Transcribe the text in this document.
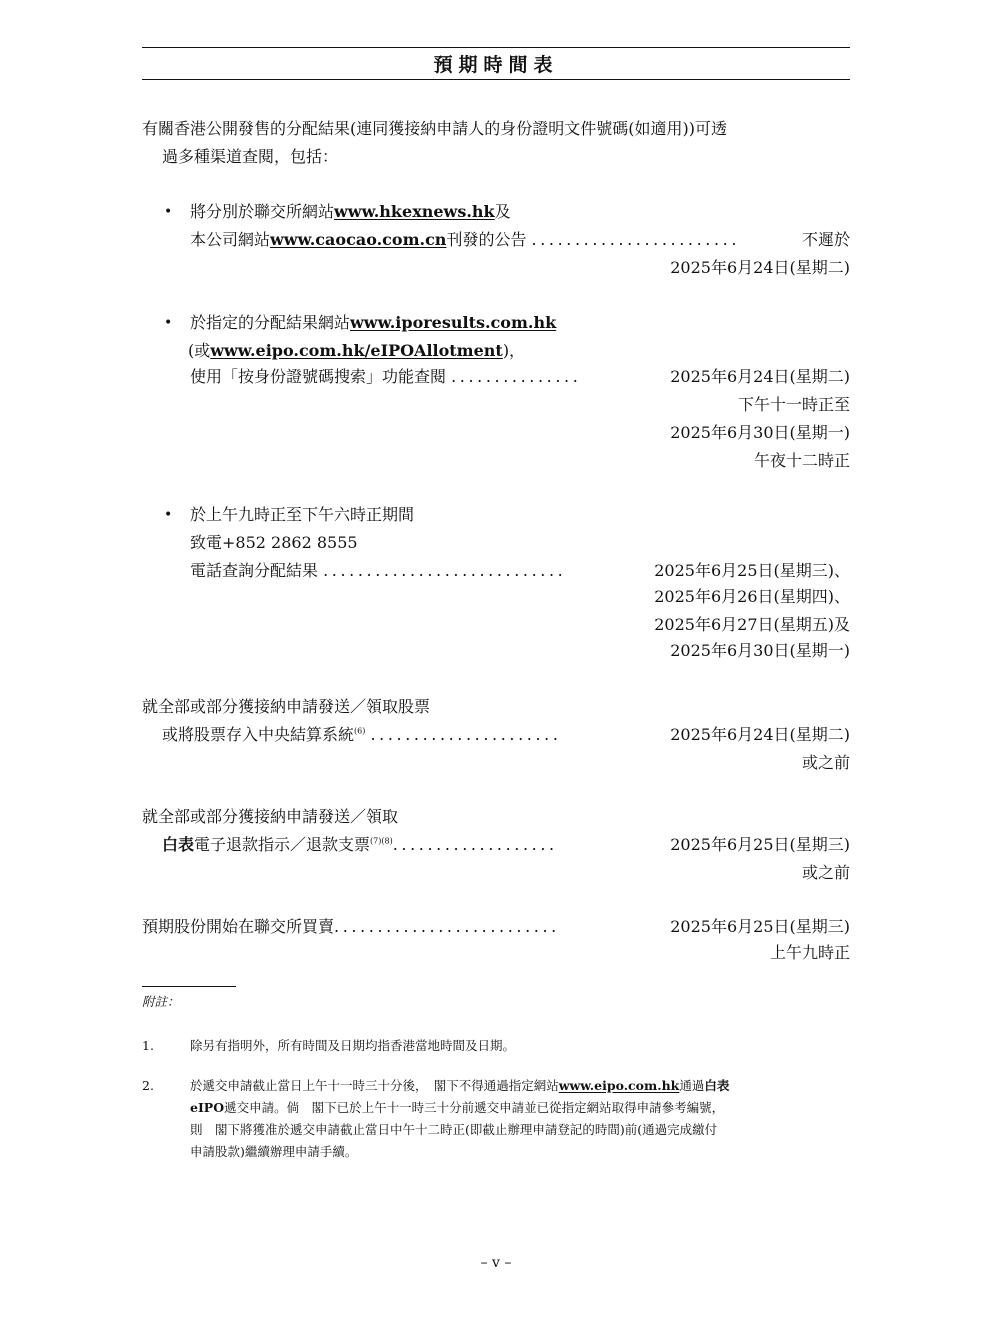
預期時間表
有關香港公開發售的分配結果(連同獲接納申請人的身份證明文件號碼(如適用))可透
過多種渠道查閱，包括：
• 將分別於聯交所網站www.hkexnews.hk及
本公司網站www.caocao.com.cn刊發的公告 ........................	不遲於
2025年6月24日(星期二)
• 於指定的分配結果網站www.iporesults.com.hk
(或www.eipo.com.hk/eIPOAllotment)，
使用「按身份證號碼搜索」功能查閱 ...............	2025年6月24日(星期二)
下午十一時正至
2025年6月30日(星期一)
午夜十二時正
• 於上午九時正至下午六時正期間
致電+852 2862 8555
電話查詢分配結果 ............................	2025年6月25日(星期三)、
2025年6月26日(星期四)、
2025年6月27日(星期五)及
2025年6月30日(星期一)
就全部或部分獲接納申請發送／領取股票
或將股票存入中央結算系統$^{(6)}$ ......................	2025年6月24日(星期二)
或之前
就全部或部分獲接納申請發送／領取
白表電子退款指示／退款支票$^{(7)(8)}$...................	2025年6月25日(星期三)
或之前
預期股份開始在聯交所買賣..........................	2025年6月25日(星期三)
上午九時正
附註：
1.	除另有指明外，所有時間及日期均指香港當地時間及日期。
2.	於遞交申請截止當日上午十一時三十分後，　閣下不得通過指定網站www.eipo.com.hk通過白表
eIPO遞交申請。倘　閣下已於上午十一時三十分前遞交申請並已從指定網站取得申請參考編號，
則　閣下將獲准於遞交申請截止當日中午十二時正(即截止辦理申請登記的時間)前(通過完成繳付
申請股款)繼續辦理申請手續。
– v –
